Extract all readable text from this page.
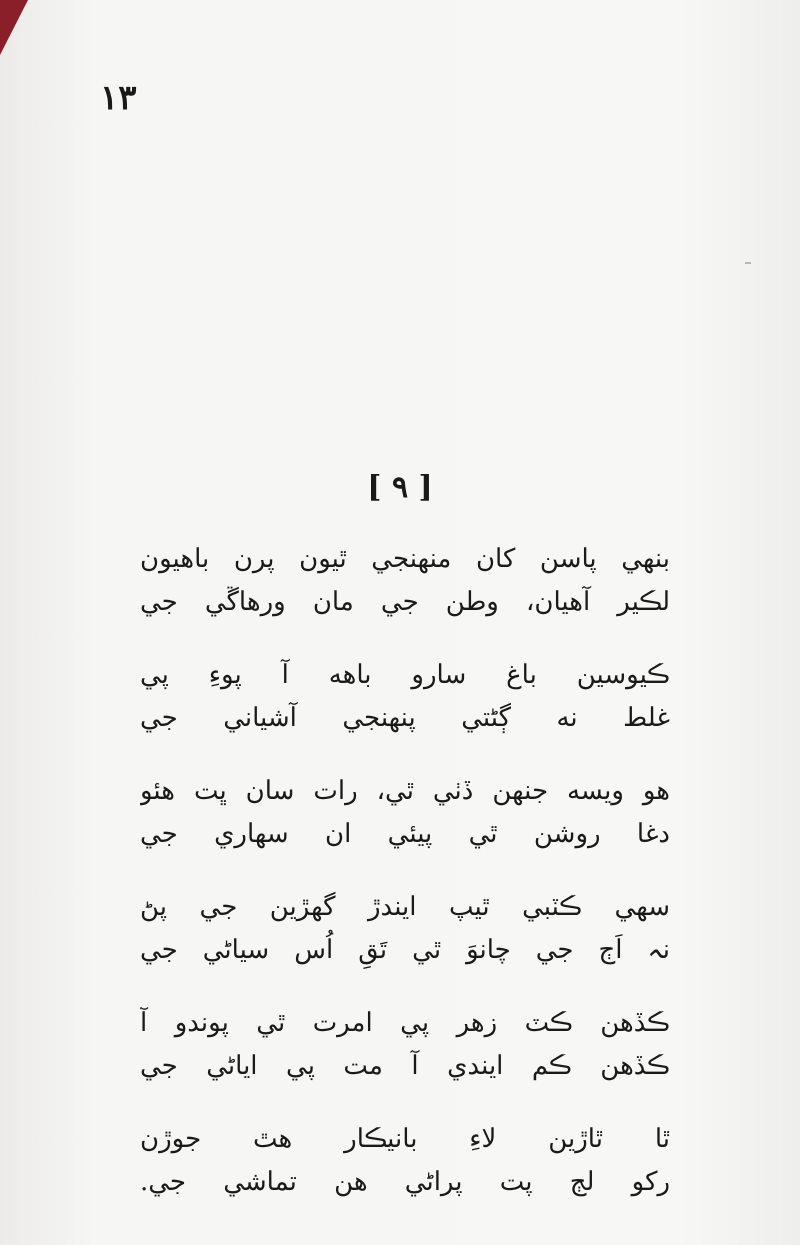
١٣
[ ٩ ]
بنهي پاسن کان منهنجي ٿيون پرن باهيون
لڪير آهيان، وطن جي مان ورهاڱي جي
ڪيوسين باغ سارو باهه آ پوءِ پي
غلط نه ڳڻتي پنهنجي آشياني جي
هو ويسه جنهن ڏٺي ٿي، رات سان ڀت هئو
دغا روشن ٿي پيئي ان سهاري جي
سهي ڪٽبي ٿيپ ايندڙ گهڙين جي پڻ
نہ اَڄ جي چانوَ ٿي تَقِ اُس سياڻي جي
ڪڏهن ڪٽ زهر پي امرت ٿي پوندو آ
ڪڏهن ڪم ايندي آ مت پي اياڻي جي
ٿا ٿاڙين لاءِ بانيڪار هٿ جوڙن
رکو لڄ پت پراڻي هن تماشي جي.
